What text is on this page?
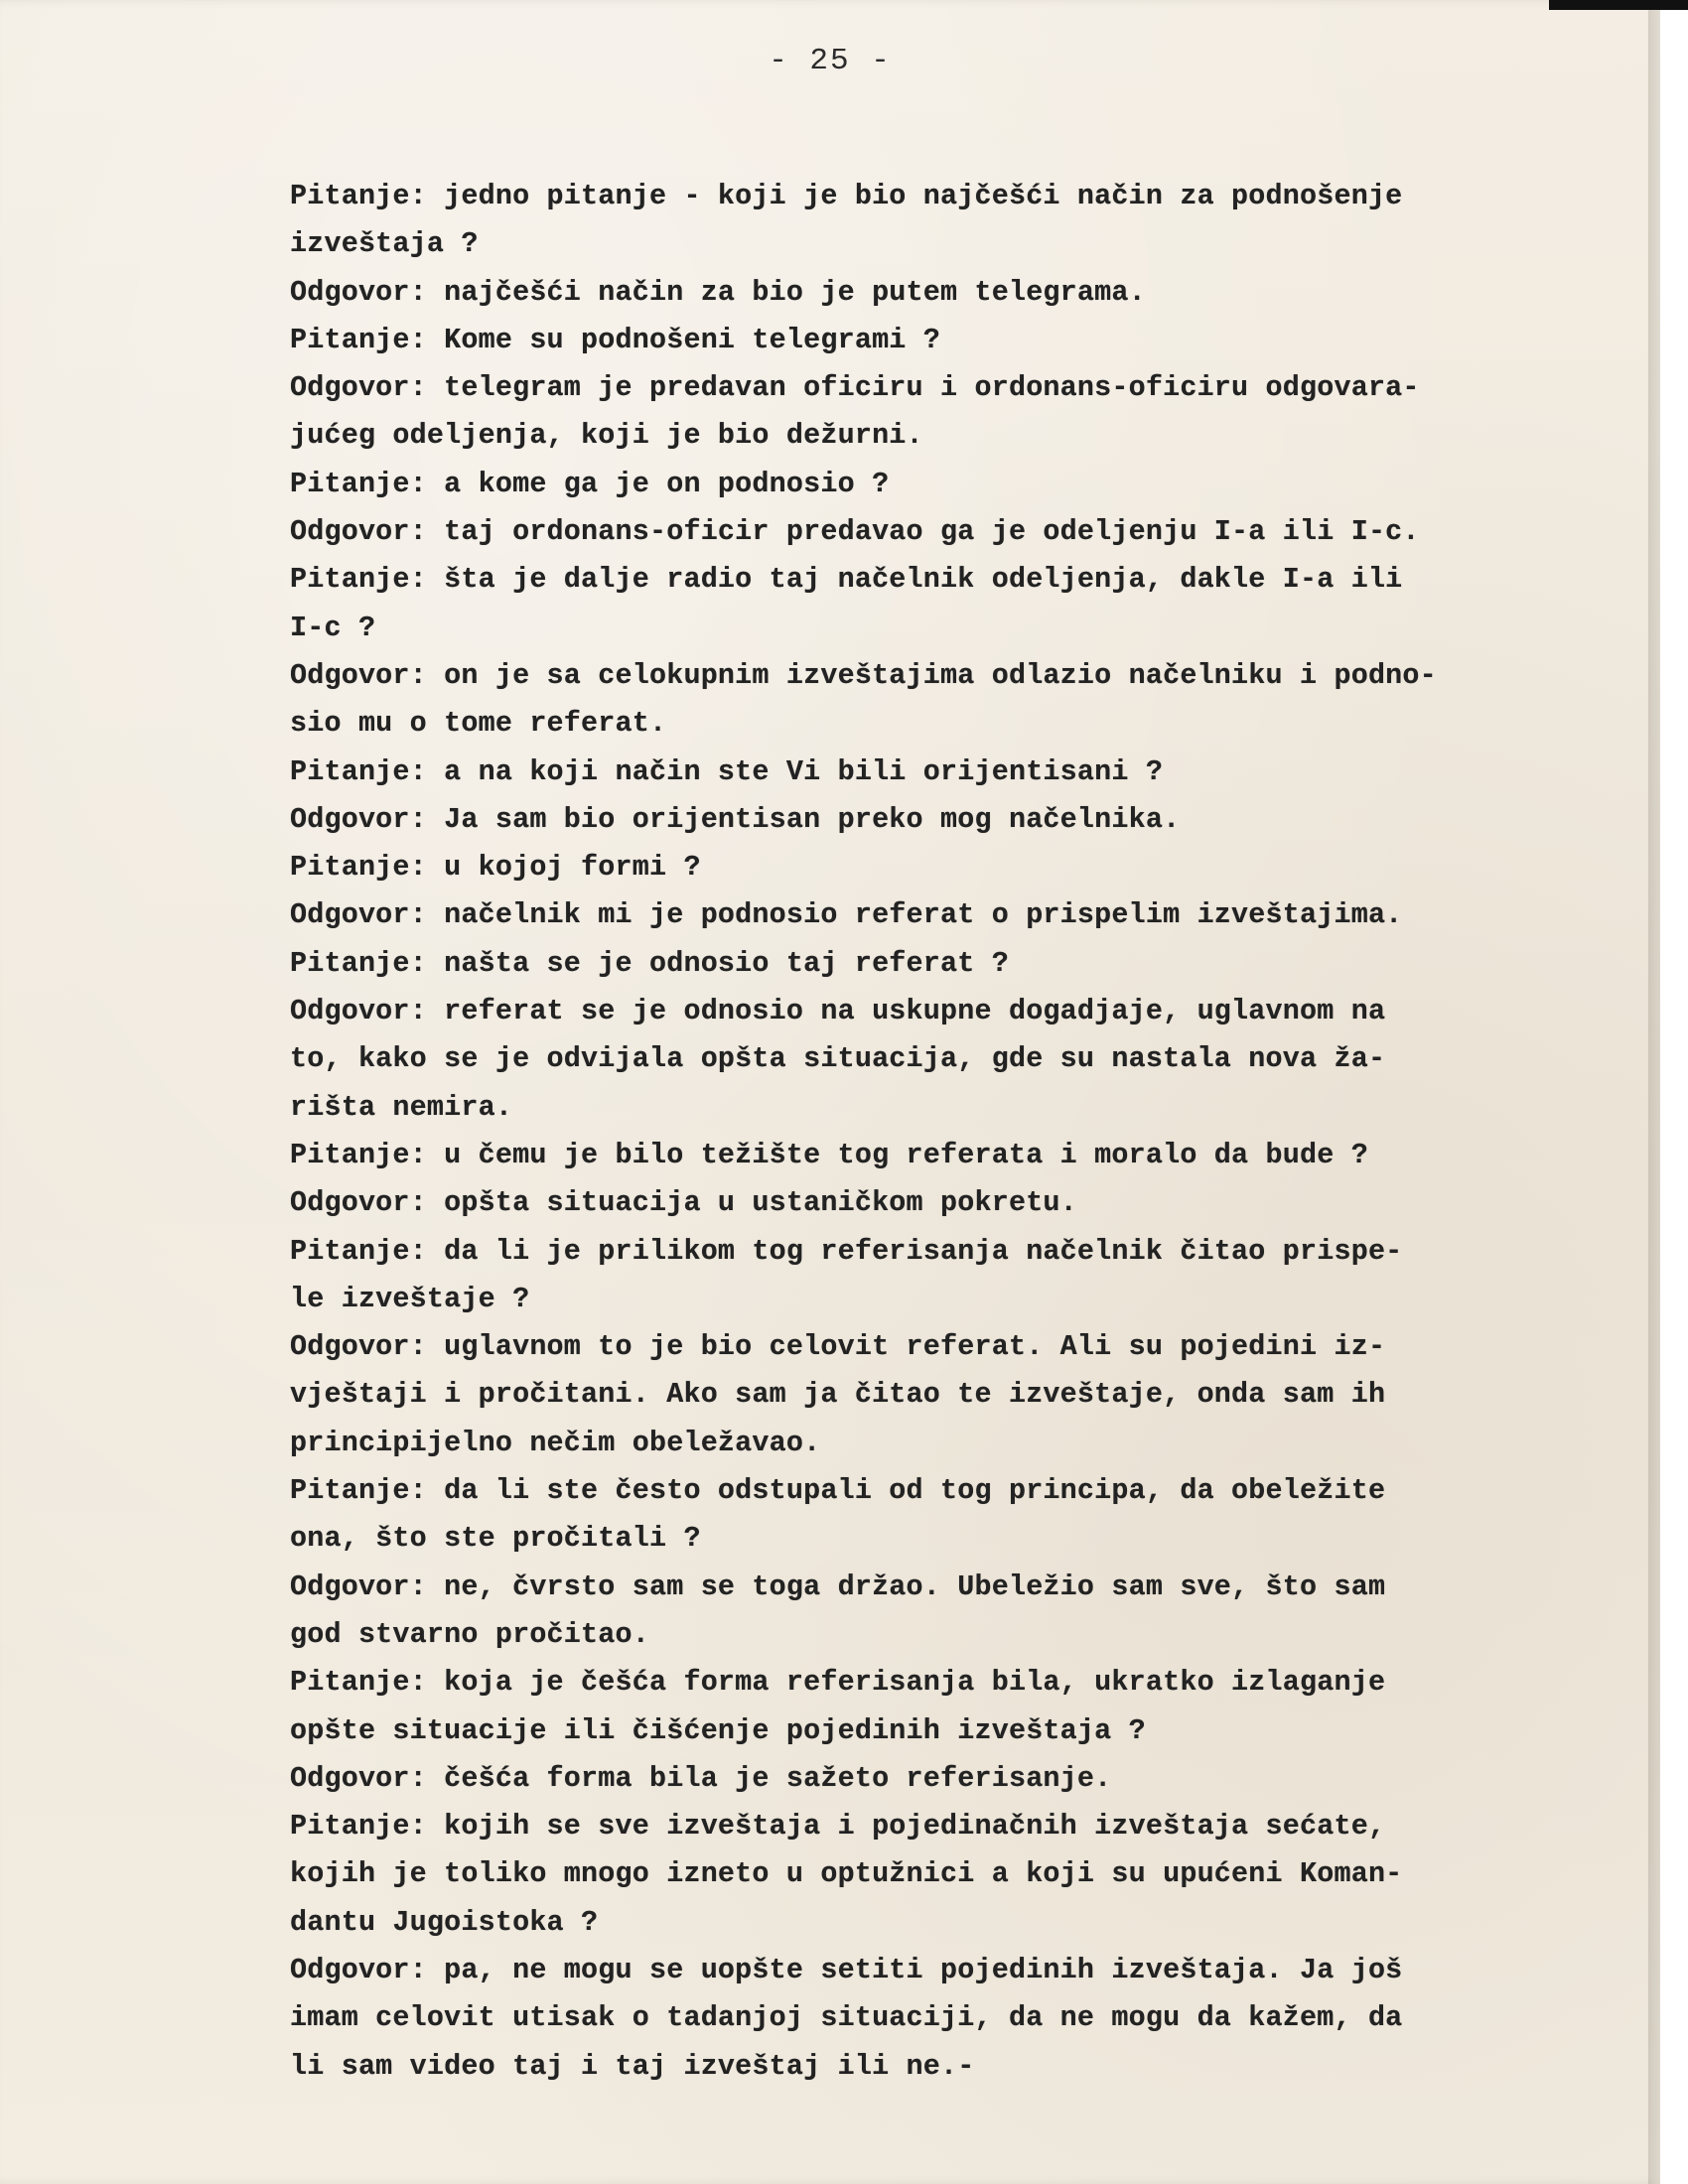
- 25 -
Pitanje: jedno pitanje - koji je bio najčešći način za podnošenje
izveštaja ?
Odgovor: najčešći način za bio je putem telegrama.
Pitanje: Kome su podnošeni telegrami ?
Odgovor: telegram je predavan oficiru i ordonans-oficiru odgovara-
jućeg odeljenja, koji je bio dežurni.
Pitanje: a kome ga je on podnosio ?
Odgovor: taj ordonans-oficir predavao ga je odeljenju I-a ili I-c.
Pitanje: šta je dalje radio taj načelnik odeljenja, dakle I-a ili
I-c ?
Odgovor: on je sa celokupnim izveštajima odlazio načelniku i podno-
sio mu o tome referat.
Pitanje: a na koji način ste Vi bili orijentisani ?
Odgovor: Ja sam bio orijentisan preko mog načelnika.
Pitanje: u kojoj formi ?
Odgovor: načelnik mi je podnosio referat o prispelim izveštajima.
Pitanje: našta se je odnosio taj referat ?
Odgovor: referat se je odnosio na uskupne dogadjaje, uglavnom na
to, kako se je odvijala opšta situacija, gde su nastala nova ža-
rišta nemira.
Pitanje: u čemu je bilo težište tog referata i moralo da bude ?
Odgovor: opšta situacija u ustaničkom pokretu.
Pitanje: da li je prilikom tog referisanja načelnik čitao prispe-
le izveštaje ?
Odgovor: uglavnom to je bio celovit referat. Ali su pojedini iz-
vještaji i pročitani. Ako sam ja čitao te izveštaje, onda sam ih
principijelno nečim obeležavao.
Pitanje: da li ste često odstupali od tog principa, da obeležite
ona, što ste pročitali ?
Odgovor: ne, čvrsto sam se toga držao. Ubeležio sam sve, što sam
god stvarno pročitao.
Pitanje: koja je češća forma referisanja bila, ukratko izlaganje
opšte situacije ili čišćenje pojedinih izveštaja ?
Odgovor: češća forma bila je sažeto referisanje.
Pitanje: kojih se sve izveštaja i pojedinačnih izveštaja sećate,
kojih je toliko mnogo izneto u optužnici a koji su upućeni Koman-
dantu Jugoistoka ?
Odgovor: pa, ne mogu se uopšte setiti pojedinih izveštaja. Ja još
imam celovit utisak o tadanjoj situaciji, da ne mogu da kažem, da
li sam video taj i taj izveštaj ili ne.-
